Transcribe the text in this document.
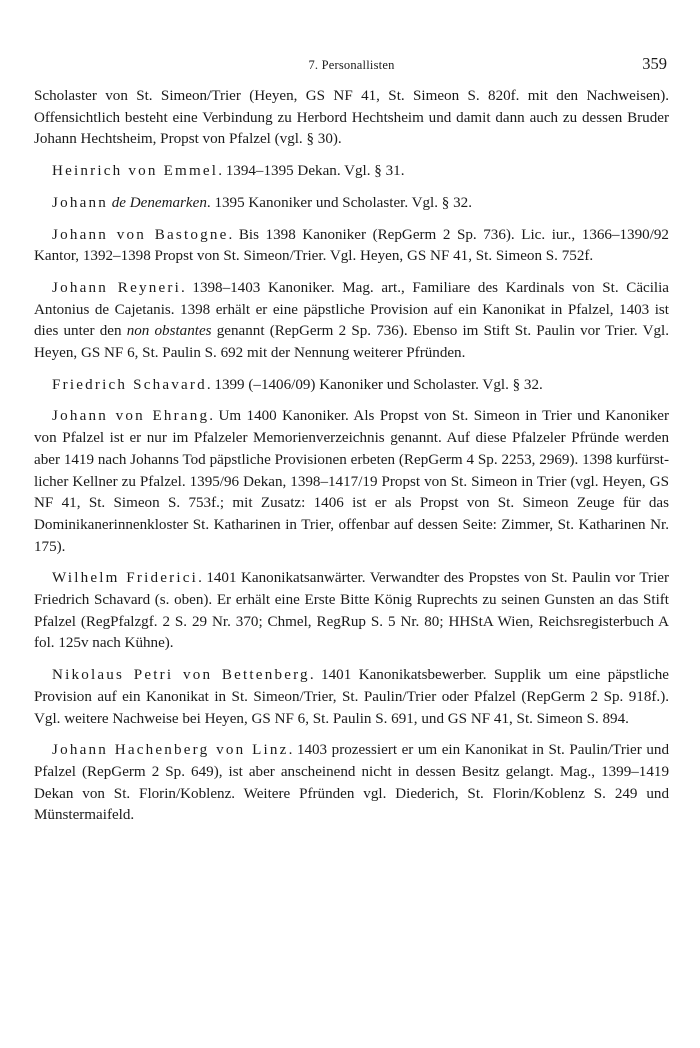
7. Personallisten	359

Scholaster von St. Simeon/Trier (Heyen, GS NF 41, St. Simeon S. 820f. mit den Nachweisen). Offensichtlich besteht eine Verbindung zu Herbord Hechtsheim und damit dann auch zu dessen Bruder Johann Hechtsheim, Propst von Pfalzel (vgl. § 30).

Heinrich von Emmel. 1394–1395 Dekan. Vgl. § 31.

Johann de Denemarken. 1395 Kanoniker und Scholaster. Vgl. § 32.

Johann von Bastogne. Bis 1398 Kanoniker (RepGerm 2 Sp. 736). Lic. iur., 1366–1390/92 Kantor, 1392–1398 Propst von St. Simeon/Trier. Vgl. Heyen, GS NF 41, St. Simeon S. 752f.

Johann Reyneri. 1398–1403 Kanoniker. Mag. art., Familiare des Kardinals von St. Cäcilia Antonius de Cajetanis. 1398 erhält er eine päpstliche Provision auf ein Kanonikat in Pfalzel, 1403 ist dies unter den non obstantes genannt (RepGerm 2 Sp. 736). Ebenso im Stift St. Paulin vor Trier. Vgl. Heyen, GS NF 6, St. Paulin S. 692 mit der Nennung weiterer Pfründen.

Friedrich Schavard. 1399 (–1406/09) Kanoniker und Scholaster. Vgl. § 32.

Johann von Ehrang. Um 1400 Kanoniker. Als Propst von St. Simeon in Trier und Kanoniker von Pfalzel ist er nur im Pfalzeler Memorienverzeichnis genannt. Auf diese Pfalzeler Pfründe werden aber 1419 nach Johanns Tod päpstliche Provisionen erbeten (RepGerm 4 Sp. 2253, 2969). 1398 kurfürstlicher Kellner zu Pfalzel. 1395/96 Dekan, 1398–1417/19 Propst von St. Simeon in Trier (vgl. Heyen, GS NF 41, St. Simeon S. 753f.; mit Zusatz: 1406 ist er als Propst von St. Simeon Zeuge für das Dominikanerinnenkloster St. Katharinen in Trier, offenbar auf dessen Seite: Zimmer, St. Katharinen Nr. 175).

Wilhelm Friderici. 1401 Kanonikatsanwärter. Verwandter des Propstes von St. Paulin vor Trier Friedrich Schavard (s. oben). Er erhält eine Erste Bitte König Ruprechts zu seinen Gunsten an das Stift Pfalzel (RegPfalzgf. 2 S. 29 Nr. 370; Chmel, RegRup S. 5 Nr. 80; HHStA Wien, Reichsregisterbuch A fol. 125v nach Kühne).

Nikolaus Petri von Bettenberg. 1401 Kanonikatsbewerber. Supplik um eine päpstliche Provision auf ein Kanonikat in St. Simeon/Trier, St. Paulin/Trier oder Pfalzel (RepGerm 2 Sp. 918f.). Vgl. weitere Nachweise bei Heyen, GS NF 6, St. Paulin S. 691, und GS NF 41, St. Simeon S. 894.

Johann Hachenberg von Linz. 1403 prozessiert er um ein Kanonikat in St. Paulin/Trier und Pfalzel (RepGerm 2 Sp. 649), ist aber anscheinend nicht in dessen Besitz gelangt. Mag., 1399–1419 Dekan von St. Florin/Koblenz. Weitere Pfründen vgl. Diederich, St. Florin/Koblenz S. 249 und Münstermaifeld.
